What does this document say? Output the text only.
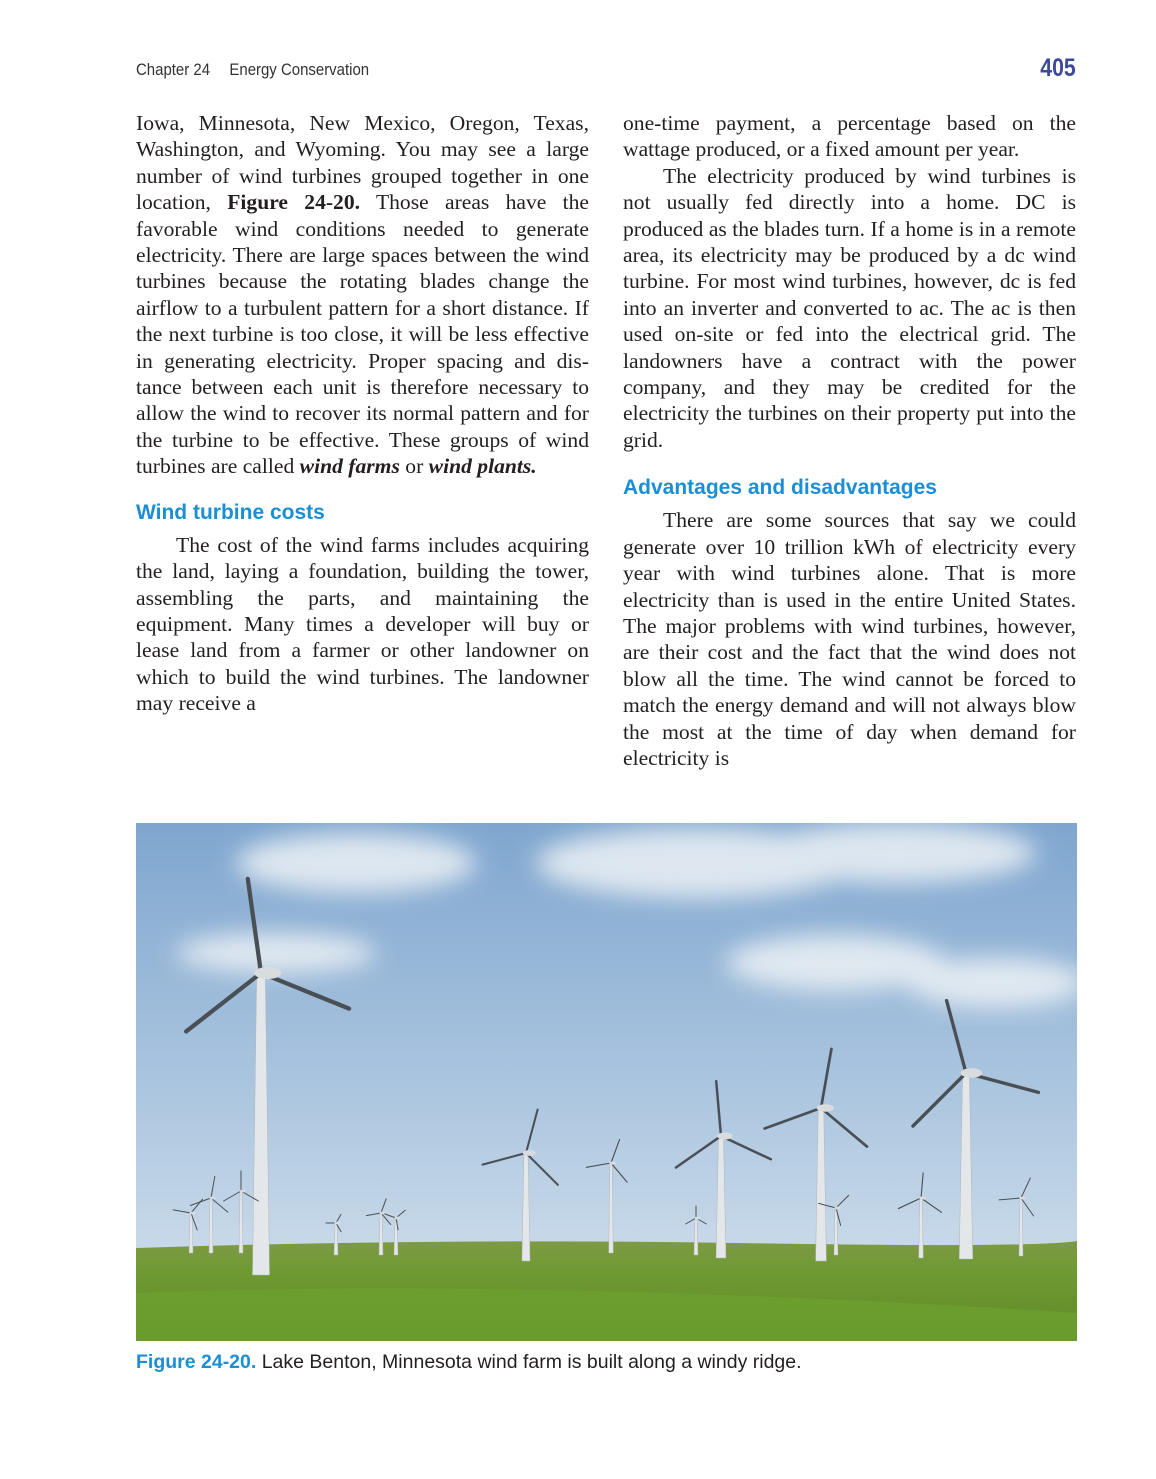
Chapter 24 Energy Conservation	405

Iowa, Minnesota, New Mexico, Oregon, Texas, Washington, and Wyoming. You may see a large number of wind turbines grouped together in one location, Figure 24-20. Those areas have the favorable wind conditions needed to generate electricity. There are large spaces between the wind turbines because the rotating blades change the airflow to a turbulent pattern for a short distance. If the next turbine is too close, it will be less effective in generating electricity. Proper spacing and distance between each unit is therefore necessary to allow the wind to recover its normal pattern and for the turbine to be effective. These groups of wind turbines are called wind farms or wind plants.

Wind turbine costs

The cost of the wind farms includes acquiring the land, laying a foundation, building the tower, assembling the parts, and maintaining the equipment. Many times a developer will buy or lease land from a farmer or other landowner on which to build the wind turbines. The landowner may receive a

one-time payment, a percentage based on the wattage produced, or a fixed amount per year.

The electricity produced by wind turbines is not usually fed directly into a home. DC is produced as the blades turn. If a home is in a remote area, its electricity may be produced by a dc wind turbine. For most wind turbines, however, dc is fed into an inverter and converted to ac. The ac is then used on-site or fed into the electrical grid. The landowners have a contract with the power company, and they may be credited for the electricity the turbines on their property put into the grid.

Advantages and disadvantages

There are some sources that say we could generate over 10 trillion kWh of electricity every year with wind turbines alone. That is more electricity than is used in the entire United States. The major problems with wind turbines, however, are their cost and the fact that the wind does not blow all the time. The wind cannot be forced to match the energy demand and will not always blow the most at the time of day when demand for electricity is

Figure 24-20. Lake Benton, Minnesota wind farm is built along a windy ridge.
